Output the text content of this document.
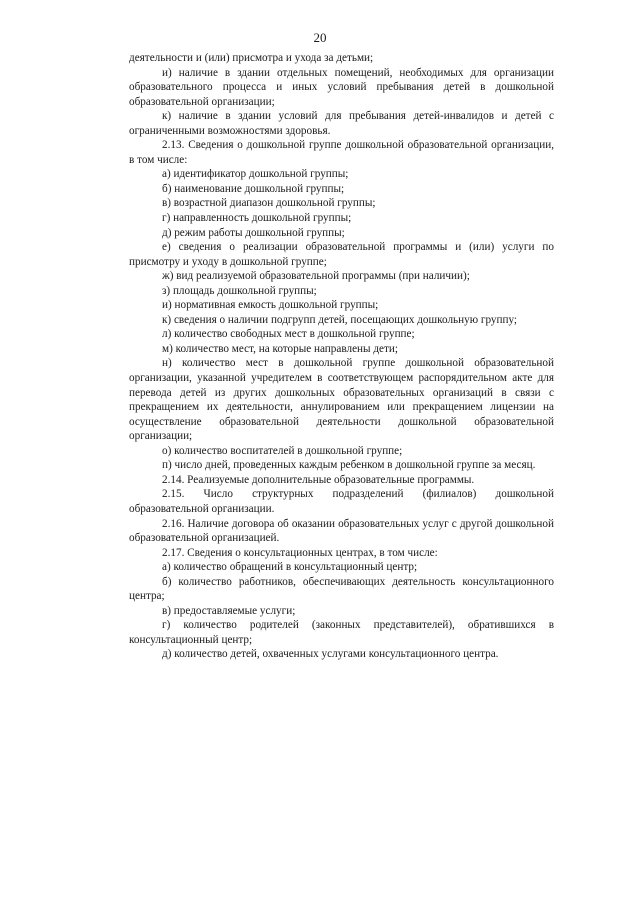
20

деятельности и (или) присмотра и ухода за детьми;

и) наличие в здании отдельных помещений, необходимых для организации образовательного процесса и иных условий пребывания детей в дошкольной образовательной организации;

к) наличие в здании условий для пребывания детей-инвалидов и детей с ограниченными возможностями здоровья.

2.13. Сведения о дошкольной группе дошкольной образовательной организации, в том числе:

а) идентификатор дошкольной группы;

б) наименование дошкольной группы;

в) возрастной диапазон дошкольной группы;

г) направленность дошкольной группы;

д) режим работы дошкольной группы;

е) сведения о реализации образовательной программы и (или) услуги по присмотру и уходу в дошкольной группе;

ж) вид реализуемой образовательной программы (при наличии);

з) площадь дошкольной группы;

и) нормативная емкость дошкольной группы;

к) сведения о наличии подгрупп детей, посещающих дошкольную группу;

л) количество свободных мест в дошкольной группе;

м) количество мест, на которые направлены дети;

н) количество мест в дошкольной группе дошкольной образовательной организации, указанной учредителем в соответствующем распорядительном акте для перевода детей из других дошкольных образовательных организаций в связи с прекращением их деятельности, аннулированием или прекращением лицензии на осуществление образовательной деятельности дошкольной образовательной организации;

о) количество воспитателей в дошкольной группе;

п) число дней, проведенных каждым ребенком в дошкольной группе за месяц.

2.14. Реализуемые дополнительные образовательные программы.

2.15. Число структурных подразделений (филиалов) дошкольной образовательной организации.

2.16. Наличие договора об оказании образовательных услуг с другой дошкольной образовательной организацией.

2.17. Сведения о консультационных центрах, в том числе:

а) количество обращений в консультационный центр;

б) количество работников, обеспечивающих деятельность консультационного центра;

в) предоставляемые услуги;

г) количество родителей (законных представителей), обратившихся в консультационный центр;

д) количество детей, охваченных услугами консультационного центра.
